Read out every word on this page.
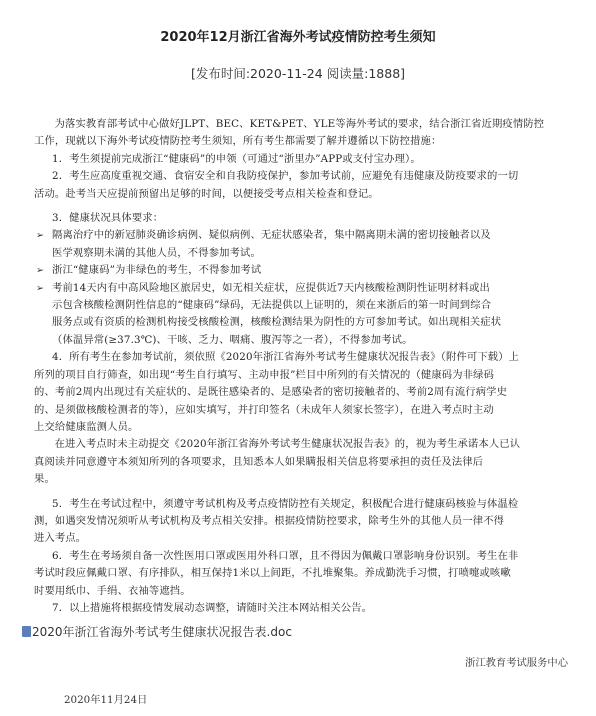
2020年12月浙江省海外考试疫情防控考生须知
[发布时间:2020-11-24 阅读量:1888]

为落实教育部考试中心做好JLPT、BEC、KET&PET、YLE等海外考试的要求，结合浙江省近期疫情防控

工作，现就以下海外考试疫情防控考生须知，所有考生都需要了解并遵循以下防控措施：

1．考生须提前完成浙江“健康码”的申领（可通过“浙里办”APP或支付宝办理）。

2．考生应高度重视交通、食宿安全和自我防疫保护，参加考试前，应避免有违健康及防疫要求的一切

活动。赴考当天应提前预留出足够的时间，以便接受考点相关检查和登记。

3．健康状况具体要求：

➢ 隔离治疗中的新冠肺炎确诊病例、疑似病例、无症状感染者，集中隔离期未满的密切接触者以及

医学观察期未满的其他人员，不得参加考试。

➢ 浙江“健康码”为非绿色的考生，不得参加考试

➢ 考前14天内有中高风险地区旅居史，如无相关症状，应提供近7天内核酸检测阴性证明材料或出

示包含核酸检测阴性信息的“健康码”绿码，无法提供以上证明的，须在来浙后的第一时间到综合

服务点或有资质的检测机构接受核酸检测，核酸检测结果为阴性的方可参加考试。如出现相关症状

（体温异常(≥37.3℃)、干咳、乏力、咽痛、腹泻等之一者），不得参加考试。

4．所有考生在参加考试前，须依照《2020年浙江省海外考试考生健康状况报告表》（附件可下载）上

所列的项目自行筛查，如出现“考生自行填写、主动申报”栏目中所列的有关情况的（健康码为非绿码

的、考前2周内出现过有关症状的、是既往感染者的、是感染者的密切接触者的、考前2周有流行病学史

的、是须做核酸检测者的等），应如实填写，并打印签名（未成年人须家长签字），在进入考点时主动

上交给健康监测人员。

在进入考点时未主动提交《2020年浙江省海外考试考生健康状况报告表》的，视为考生承诺本人已认

真阅读并同意遵守本须知所列的各项要求，且知悉本人如果瞒报相关信息将要承担的责任及法律后

果。

5．考生在考试过程中，须遵守考试机构及考点疫情防控有关规定，积极配合进行健康码核验与体温检

测，如遇突发情况须听从考试机构及考点相关安排。根据疫情防控要求，除考生外的其他人员一律不得

进入考点。

6．考生在考场须自备一次性医用口罩或医用外科口罩，且不得因为佩戴口罩影响身份识别。考生在非

考试时段应佩戴口罩、有序排队，相互保持1米以上间距，不扎堆聚集。养成勤洗手习惯，打喷嚏或咳嗽

时要用纸巾、手绢、衣袖等遮挡。

7．以上措施将根据疫情发展动态调整，请随时关注本网站相关公告。

2020年浙江省海外考试考生健康状况报告表.doc
浙江教育考试服务中心
2020年11月24日
